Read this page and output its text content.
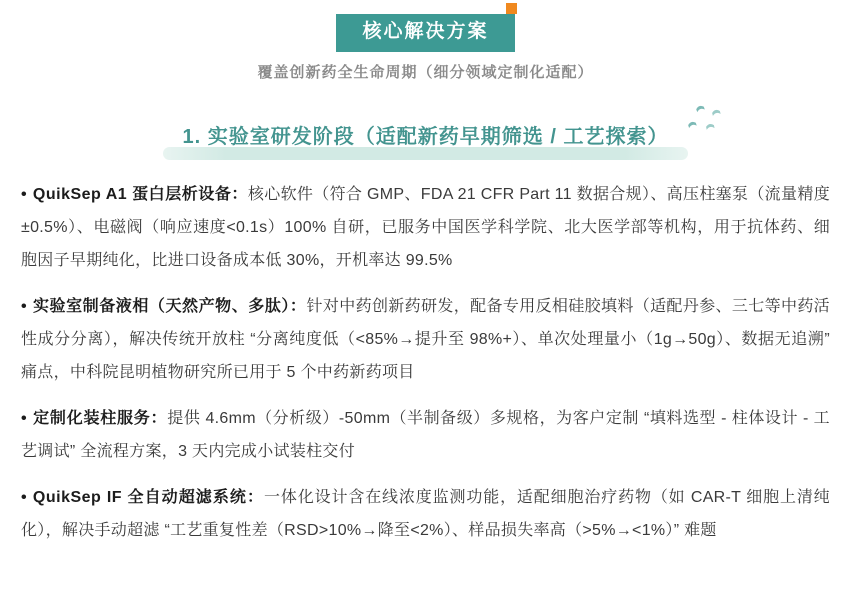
核心解决方案
覆盖创新药全生命周期（细分领域定制化适配）
1. 实验室研发阶段（适配新药早期筛选 / 工艺探索）

• QuikSep A1 蛋白层析设备：核心软件（符合 GMP、FDA 21 CFR Part 11 数据合规）、高压柱塞泵（流量精度 ±0.5%）、电磁阀（响应速度<0.1s）100% 自研，已服务中国医学科学院、北大医学部等机构，用于抗体药、细胞因子早期纯化，比进口设备成本低 30%，开机率达 99.5%

• 实验室制备液相（天然产物、多肽）：针对中药创新药研发，配备专用反相硅胶填料（适配丹参、三七等中药活性成分分离），解决传统开放柱 “分离纯度低（<85%→提升至 98%+）、单次处理量小（1g→50g）、数据无追溯” 痛点，中科院昆明植物研究所已用于 5 个中药新药项目

• 定制化装柱服务：提供 4.6mm（分析级）-50mm（半制备级）多规格，为客户定制 “填料选型 - 柱体设计 - 工艺调试” 全流程方案，3 天内完成小试装柱交付

• QuikSep IF 全自动超滤系统：一体化设计含在线浓度监测功能，适配细胞治疗药物（如 CAR-T 细胞上清纯化），解决手动超滤 “工艺重复性差（RSD>10%→降至<2%）、样品损失率高（>5%→<1%）” 难题
